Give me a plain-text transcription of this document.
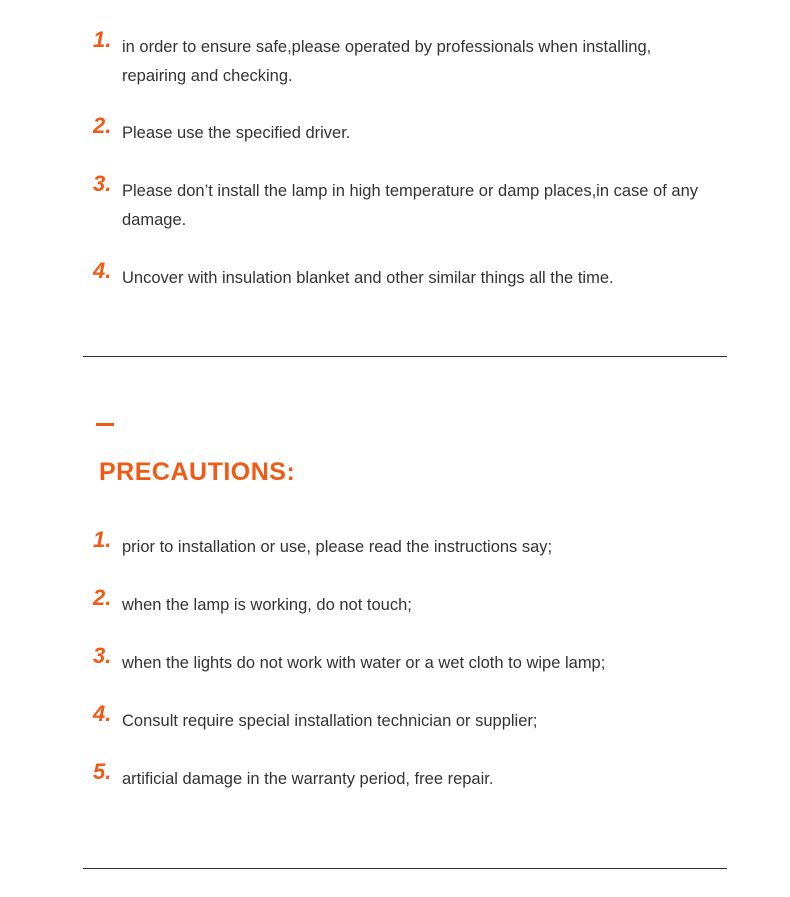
1. in order to ensure safe,please operated by professionals when installing, repairing and checking.
2. Please use the specified driver.
3. Please don’t install the lamp in high temperature or damp places,in case of any damage.
4. Uncover with insulation blanket and other similar things all the time.
PRECAUTIONS:
1. prior to installation or use, please read the instructions say;
2. when the lamp is working, do not touch;
3. when the lights do not work with water or a wet cloth to wipe lamp;
4. Consult require special installation technician or supplier;
5. artificial damage in the warranty period, free repair.
